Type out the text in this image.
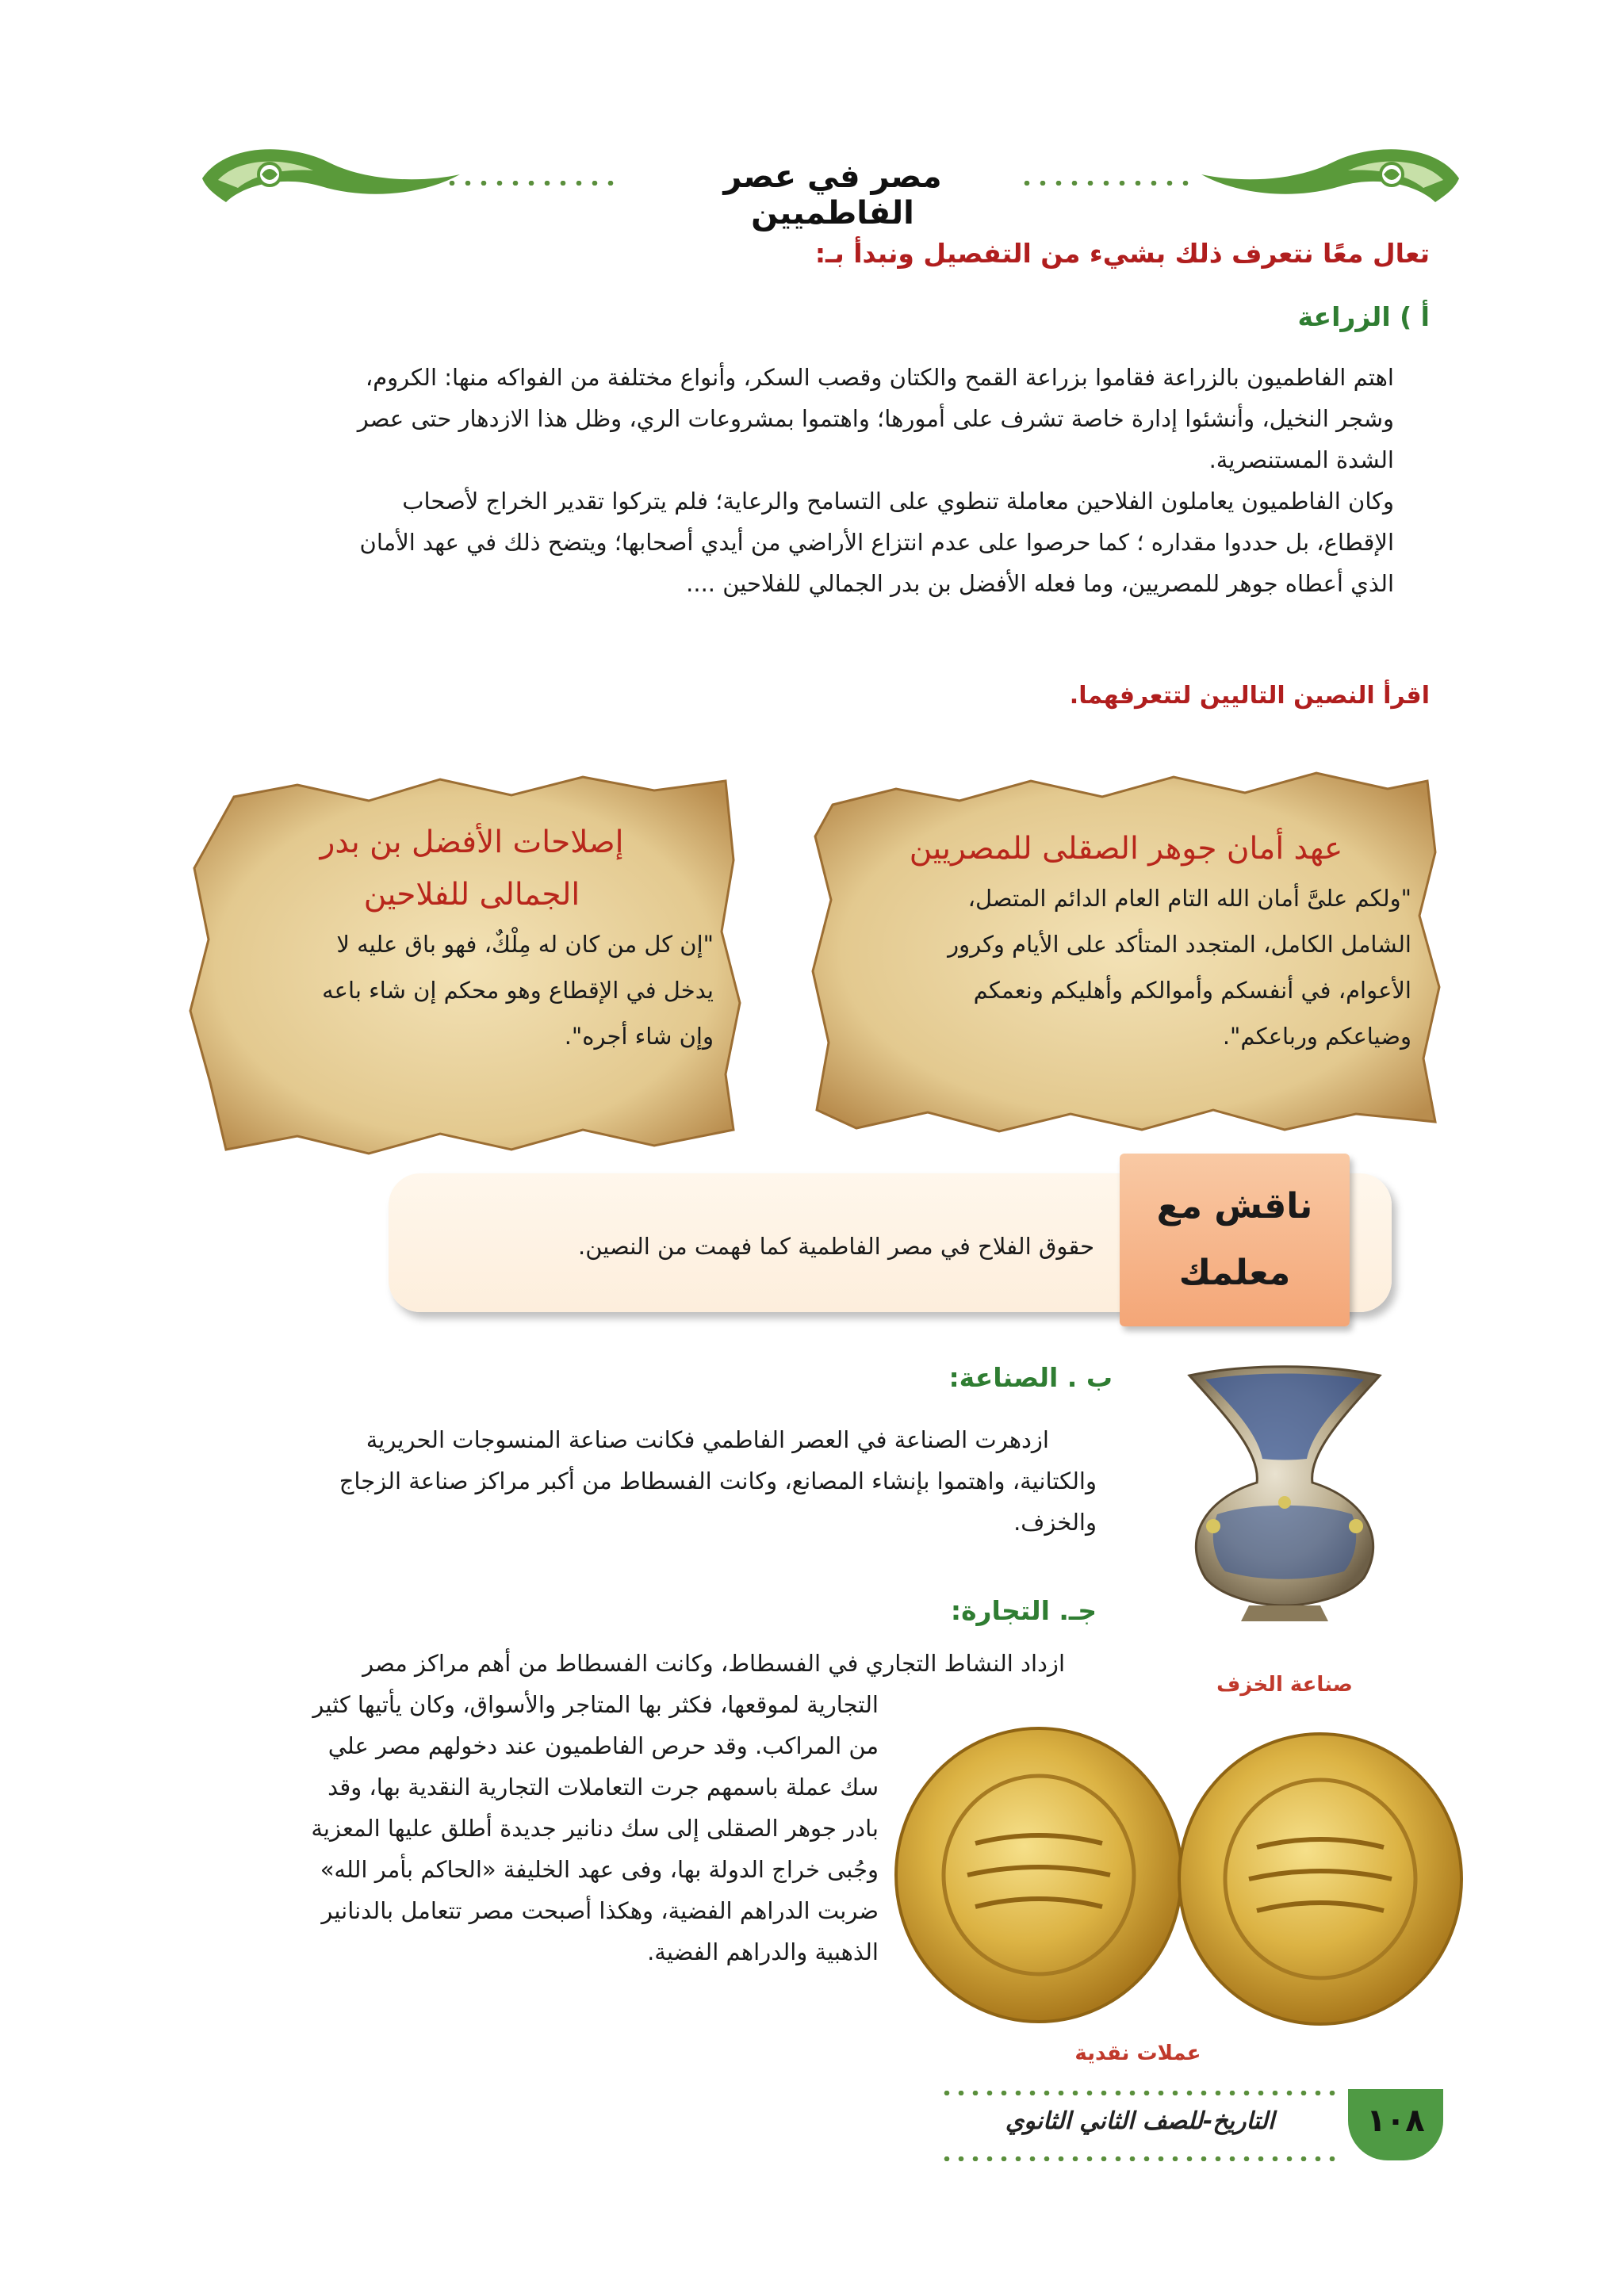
مصر في عصر الفاطميين
تعال معًا نتعرف ذلك بشيء من التفصيل ونبدأ بـ:
أ ) الزراعة

اهتم الفاطميون بالزراعة فقاموا بزراعة القمح والكتان وقصب السكر، وأنواع مختلفة من الفواكه منها: الكروم،

وشجر النخيل، وأنشئوا إدارة خاصة تشرف على أمورها؛ واهتموا بمشروعات الري، وظل هذا الازدهار حتى عصر

الشدة المستنصرية.

وكان الفاطميون يعاملون الفلاحين معاملة تنطوي على التسامح والرعاية؛ فلم يتركوا تقدير الخراج لأصحاب

الإقطاع، بل حددوا مقداره ؛ كما حرصوا على عدم انتزاع الأراضي من أيدي أصحابها؛ ويتضح ذلك في عهد الأمان

الذي أعطاه جوهر للمصريين، وما فعله الأفضل بن بدر الجمالي للفلاحين ....

اقرأ النصين التاليين لتتعرفهما.
عهد أمان جوهر الصقلى للمصريين
"ولكم علىَّ أمان الله التام العام الدائم المتصل،
الشامل الكامل، المتجدد المتأكد على الأيام وكرور
الأعوام، في أنفسكم وأموالكم وأهليكم ونعمكم
وضياعكم ورباعكم".
إصلاحات الأفضل بن بدر
الجمالى للفلاحين
"إن كل من كان له مِلْكٌ، فهو باق عليه لا
يدخل في الإقطاع وهو محكم إن شاء باعه
وإن شاء أجره".
حقوق الفلاح في مصر الفاطمية كما فهمت من النصين.
ناقش مع
معلمك
ب . الصناعة:

ازدهرت الصناعة في العصر الفاطمي فكانت صناعة المنسوجات الحريرية

والكتانية، واهتموا بإنشاء المصانع، وكانت الفسطاط من أكبر مراكز صناعة الزجاج

والخزف.

صناعة الخزف
جـ. التجارة:

ازداد النشاط التجاري في الفسطاط، وكانت الفسطاط من أهم مراكز مصر

التجارية لموقعها، فكثر بها المتاجر والأسواق، وكان يأتيها كثير

من المراكب. وقد حرص الفاطميون عند دخولهم مصر علي

سك عملة باسمهم جرت التعاملات التجارية النقدية بها، وقد

بادر جوهر الصقلى إلى سك دنانير جديدة أطلق عليها المعزية

وجُبى خراج الدولة بها، وفى عهد الخليفة «الحاكم بأمر الله»

ضربت الدراهم الفضية، وهكذا أصبحت مصر تتعامل بالدنانير

الذهبية والدراهم الفضية.

عملات نقدية
التاريخ-للصف الثاني الثانوي	١٠٨
